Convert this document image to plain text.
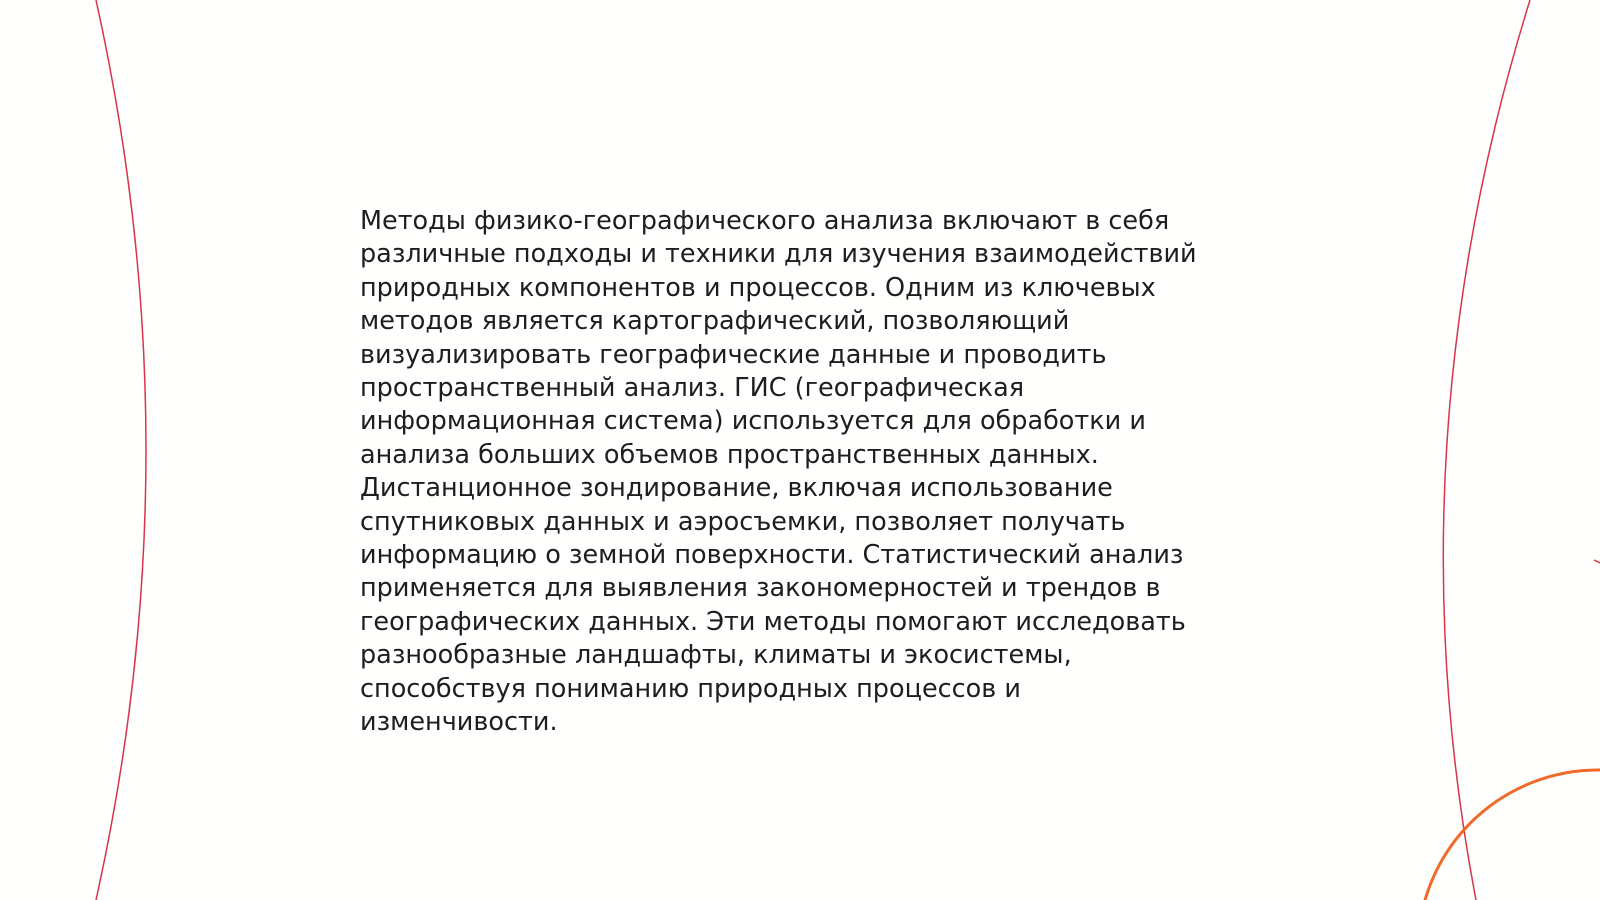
Методы физико-географического анализа включают в себя
различные подходы и техники для изучения взаимодействий
природных компонентов и процессов. Одним из ключевых
методов является картографический, позволяющий
визуализировать географические данные и проводить
пространственный анализ. ГИС (географическая
информационная система) используется для обработки и
анализа больших объемов пространственных данных.
Дистанционное зондирование, включая использование
спутниковых данных и аэросъемки, позволяет получать
информацию о земной поверхности. Статистический анализ
применяется для выявления закономерностей и трендов в
географических данных. Эти методы помогают исследовать
разнообразные ландшафты, климаты и экосистемы,
способствуя пониманию природных процессов и
изменчивости.
